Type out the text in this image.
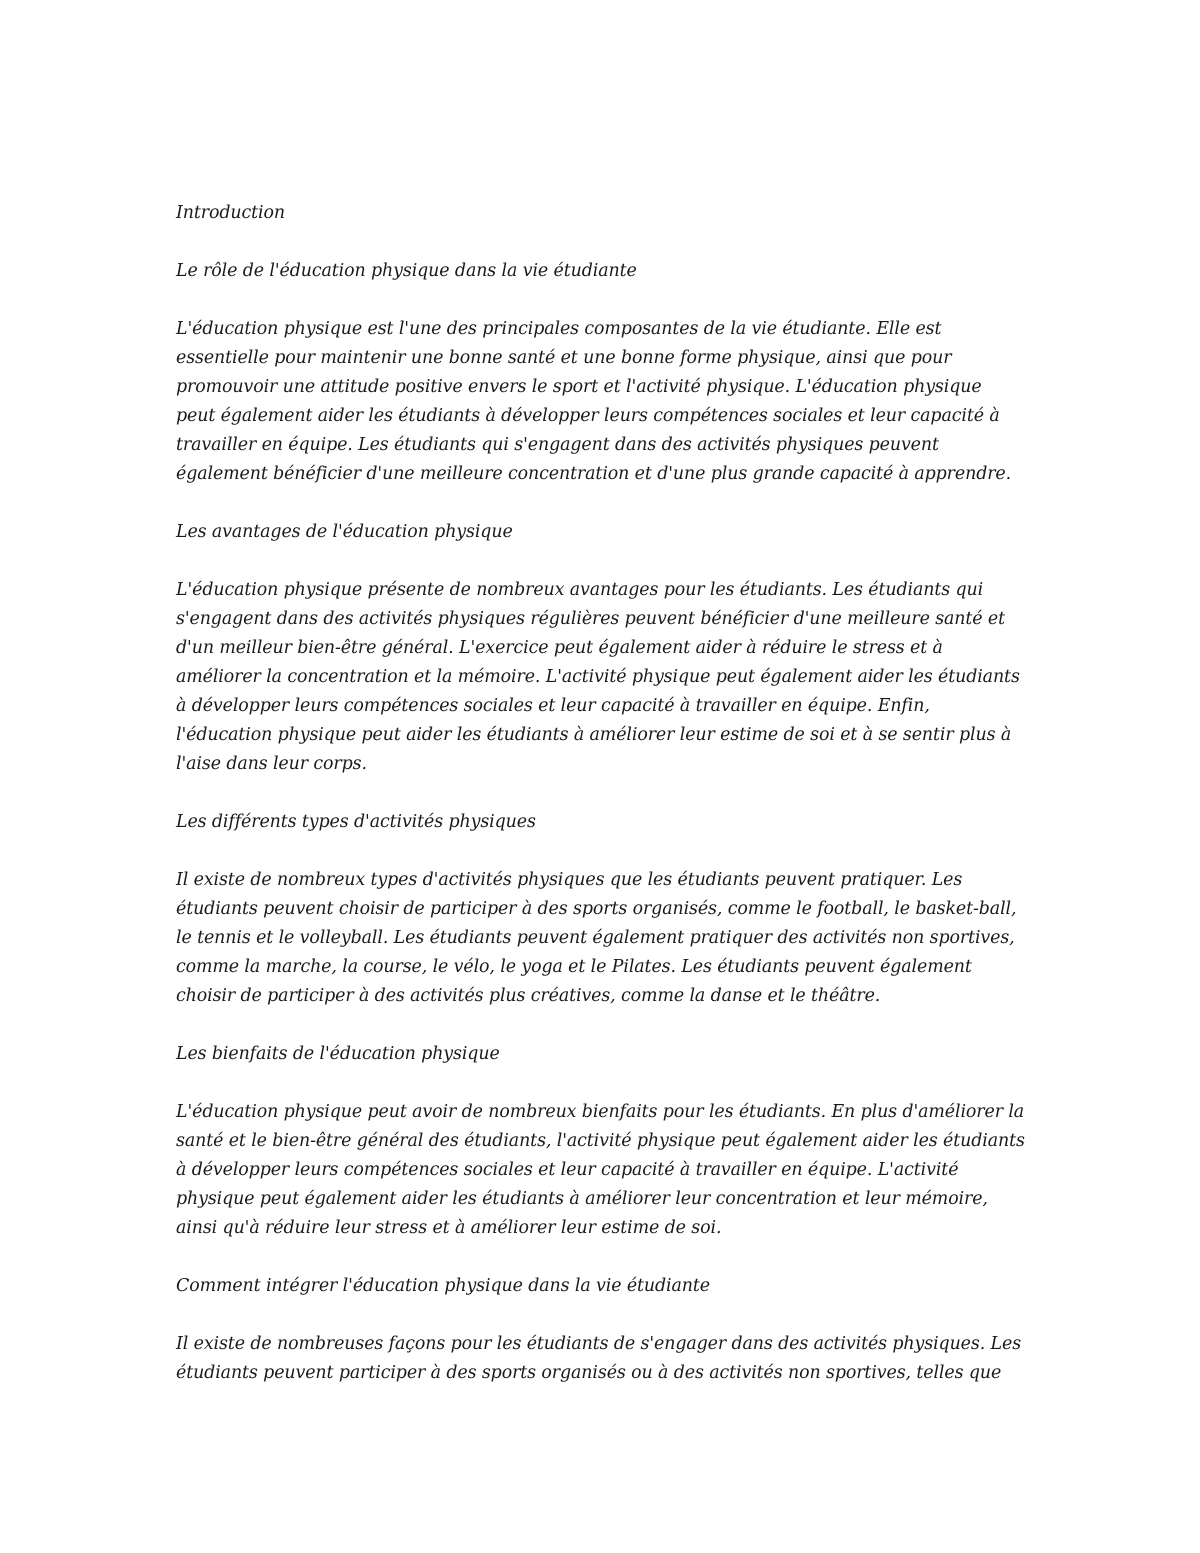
Introduction

Le rôle de l'éducation physique dans la vie étudiante

L'éducation physique est l'une des principales composantes de la vie étudiante. Elle est essentielle pour maintenir une bonne santé et une bonne forme physique, ainsi que pour promouvoir une attitude positive envers le sport et l'activité physique. L'éducation physique peut également aider les étudiants à développer leurs compétences sociales et leur capacité à travailler en équipe. Les étudiants qui s'engagent dans des activités physiques peuvent également bénéficier d'une meilleure concentration et d'une plus grande capacité à apprendre.

Les avantages de l'éducation physique

L'éducation physique présente de nombreux avantages pour les étudiants. Les étudiants qui s'engagent dans des activités physiques régulières peuvent bénéficier d'une meilleure santé et d'un meilleur bien-être général. L'exercice peut également aider à réduire le stress et à améliorer la concentration et la mémoire. L'activité physique peut également aider les étudiants à développer leurs compétences sociales et leur capacité à travailler en équipe. Enfin, l'éducation physique peut aider les étudiants à améliorer leur estime de soi et à se sentir plus à l'aise dans leur corps.

Les différents types d'activités physiques

Il existe de nombreux types d'activités physiques que les étudiants peuvent pratiquer. Les étudiants peuvent choisir de participer à des sports organisés, comme le football, le basket-ball, le tennis et le volleyball. Les étudiants peuvent également pratiquer des activités non sportives, comme la marche, la course, le vélo, le yoga et le Pilates. Les étudiants peuvent également choisir de participer à des activités plus créatives, comme la danse et le théâtre.

Les bienfaits de l'éducation physique

L'éducation physique peut avoir de nombreux bienfaits pour les étudiants. En plus d'améliorer la santé et le bien-être général des étudiants, l'activité physique peut également aider les étudiants à développer leurs compétences sociales et leur capacité à travailler en équipe. L'activité physique peut également aider les étudiants à améliorer leur concentration et leur mémoire, ainsi qu'à réduire leur stress et à améliorer leur estime de soi.

Comment intégrer l'éducation physique dans la vie étudiante

Il existe de nombreuses façons pour les étudiants de s'engager dans des activités physiques. Les étudiants peuvent participer à des sports organisés ou à des activités non sportives, telles que
